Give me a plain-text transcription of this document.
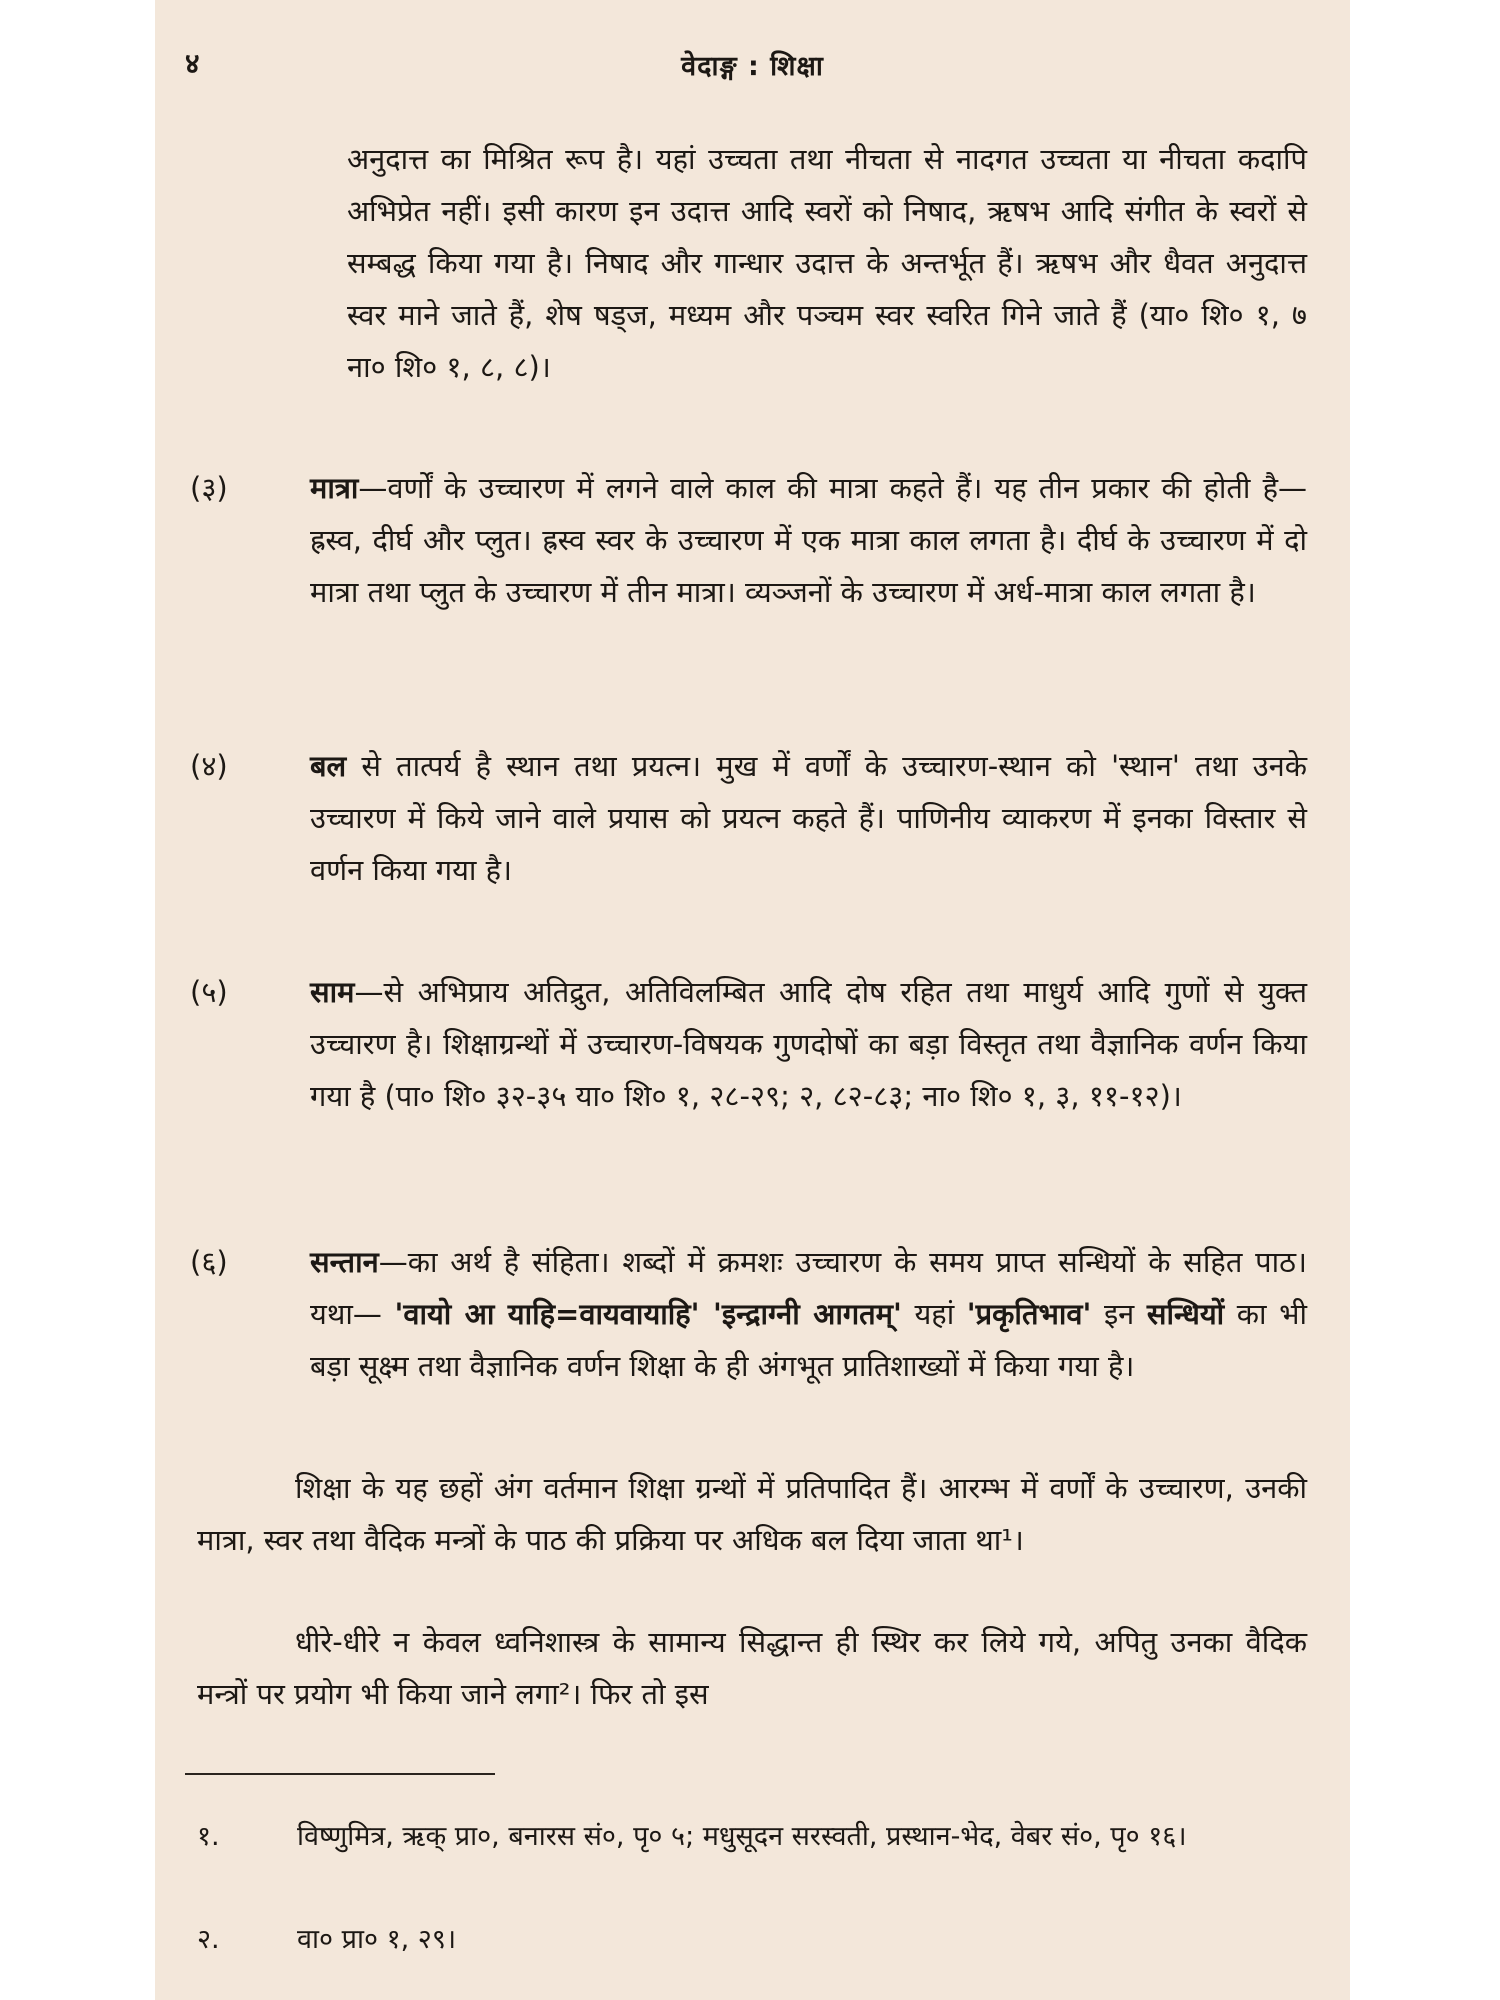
४	वेदाङ्ग : शिक्षा
अनुदात्त का मिश्रित रूप है। यहां उच्चता तथा नीचता से नादगत उच्चता या नीचता कदापि अभिप्रेत नहीं। इसी कारण इन उदात्त आदि स्वरों को निषाद, ऋषभ आदि संगीत के स्वरों से सम्बद्ध किया गया है। निषाद और गान्धार उदात्त के अन्तर्भूत हैं। ऋषभ और धैवत अनुदात्त स्वर माने जाते हैं, शेष षड्ज, मध्यम और पञ्चम स्वर स्वरित गिने जाते हैं (या० शि० १, ७ ना० शि० १, ८, ८)।
(३)	मात्रा—वर्णों के उच्चारण में लगने वाले काल की मात्रा कहते हैं। यह तीन प्रकार की होती है—ह्रस्व, दीर्घ और प्लुत। ह्रस्व स्वर के उच्चारण में एक मात्रा काल लगता है। दीर्घ के उच्चारण में दो मात्रा तथा प्लुत के उच्चारण में तीन मात्रा। व्यञ्जनों के उच्चारण में अर्ध-मात्रा काल लगता है।
(४)	बल से तात्पर्य है स्थान तथा प्रयत्न। मुख में वर्णों के उच्चारण-स्थान को 'स्थान' तथा उनके उच्चारण में किये जाने वाले प्रयास को प्रयत्न कहते हैं। पाणिनीय व्याकरण में इनका विस्तार से वर्णन किया गया है।
(५)	साम—से अभिप्राय अतिद्रुत, अतिविलम्बित आदि दोष रहित तथा माधुर्य आदि गुणों से युक्त उच्चारण है। शिक्षाग्रन्थों में उच्चारण-विषयक गुणदोषों का बड़ा विस्तृत तथा वैज्ञानिक वर्णन किया गया है (पा० शि० ३२-३५ या० शि० १, २८-२९; २, ८२-८३; ना० शि० १, ३, ११-१२)।
(६)	सन्तान—का अर्थ है संहिता। शब्दों में क्रमशः उच्चारण के समय प्राप्त सन्धियों के सहित पाठ। यथा— 'वायो आ याहि=वायवायाहि' 'इन्द्राग्नी आगतम्' यहां 'प्रकृतिभाव' इन सन्धियों का भी बड़ा सूक्ष्म तथा वैज्ञानिक वर्णन शिक्षा के ही अंगभूत प्रातिशाख्यों में किया गया है।
शिक्षा के यह छहों अंग वर्तमान शिक्षा ग्रन्थों में प्रतिपादित हैं। आरम्भ में वर्णों के उच्चारण, उनकी मात्रा, स्वर तथा वैदिक मन्त्रों के पाठ की प्रक्रिया पर अधिक बल दिया जाता था¹।
धीरे-धीरे न केवल ध्वनिशास्त्र के सामान्य सिद्धान्त ही स्थिर कर लिये गये, अपितु उनका वैदिक मन्त्रों पर प्रयोग भी किया जाने लगा²। फिर तो इस
१.	विष्णुमित्र, ऋक् प्रा०, बनारस सं०, पृ० ५; मधुसूदन सरस्वती, प्रस्थान-भेद, वेबर सं०, पृ० १६।
२.	वा० प्रा० १, २९।
